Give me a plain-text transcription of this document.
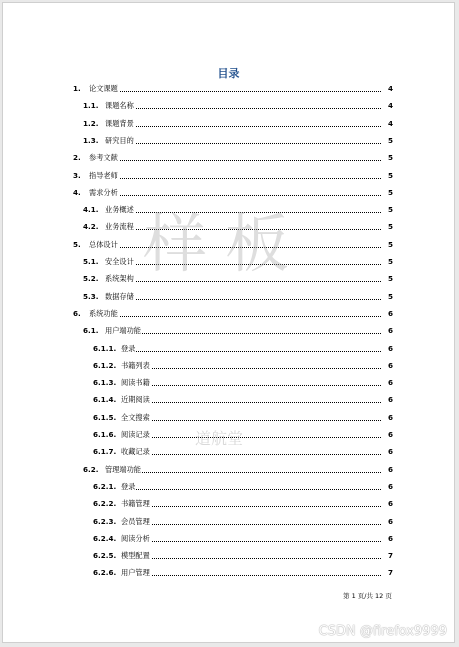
目录
1. 论文课题	4
1.1. 课题名称	4
1.2. 课题背景	4
1.3. 研究目的	5
2. 参考文献	5
3. 指导老师	5
4. 需求分析	5
4.1. 业务概述	5
4.2. 业务流程	5
5. 总体设计	5
5.1. 安全设计	5
5.2. 系统架构	5
5.3. 数据存储	5
6. 系统功能	6
6.1. 用户端功能	6
6.1.1. 登录	6
6.1.2. 书籍列表	6
6.1.3. 阅读书籍	6
6.1.4. 近期阅读	6
6.1.5. 全文搜索	6
6.1.6. 阅读记录	6
6.1.7. 收藏记录	6
6.2. 管理端功能	6
6.2.1. 登录	6
6.2.2. 书籍管理	6
6.2.3. 会员管理	6
6.2.4. 阅读分析	6
6.2.5. 模型配置	7
6.2.6. 用户管理	7
样板
道航堂
第 1 页/共 12 页
CSDN @firefox9999
